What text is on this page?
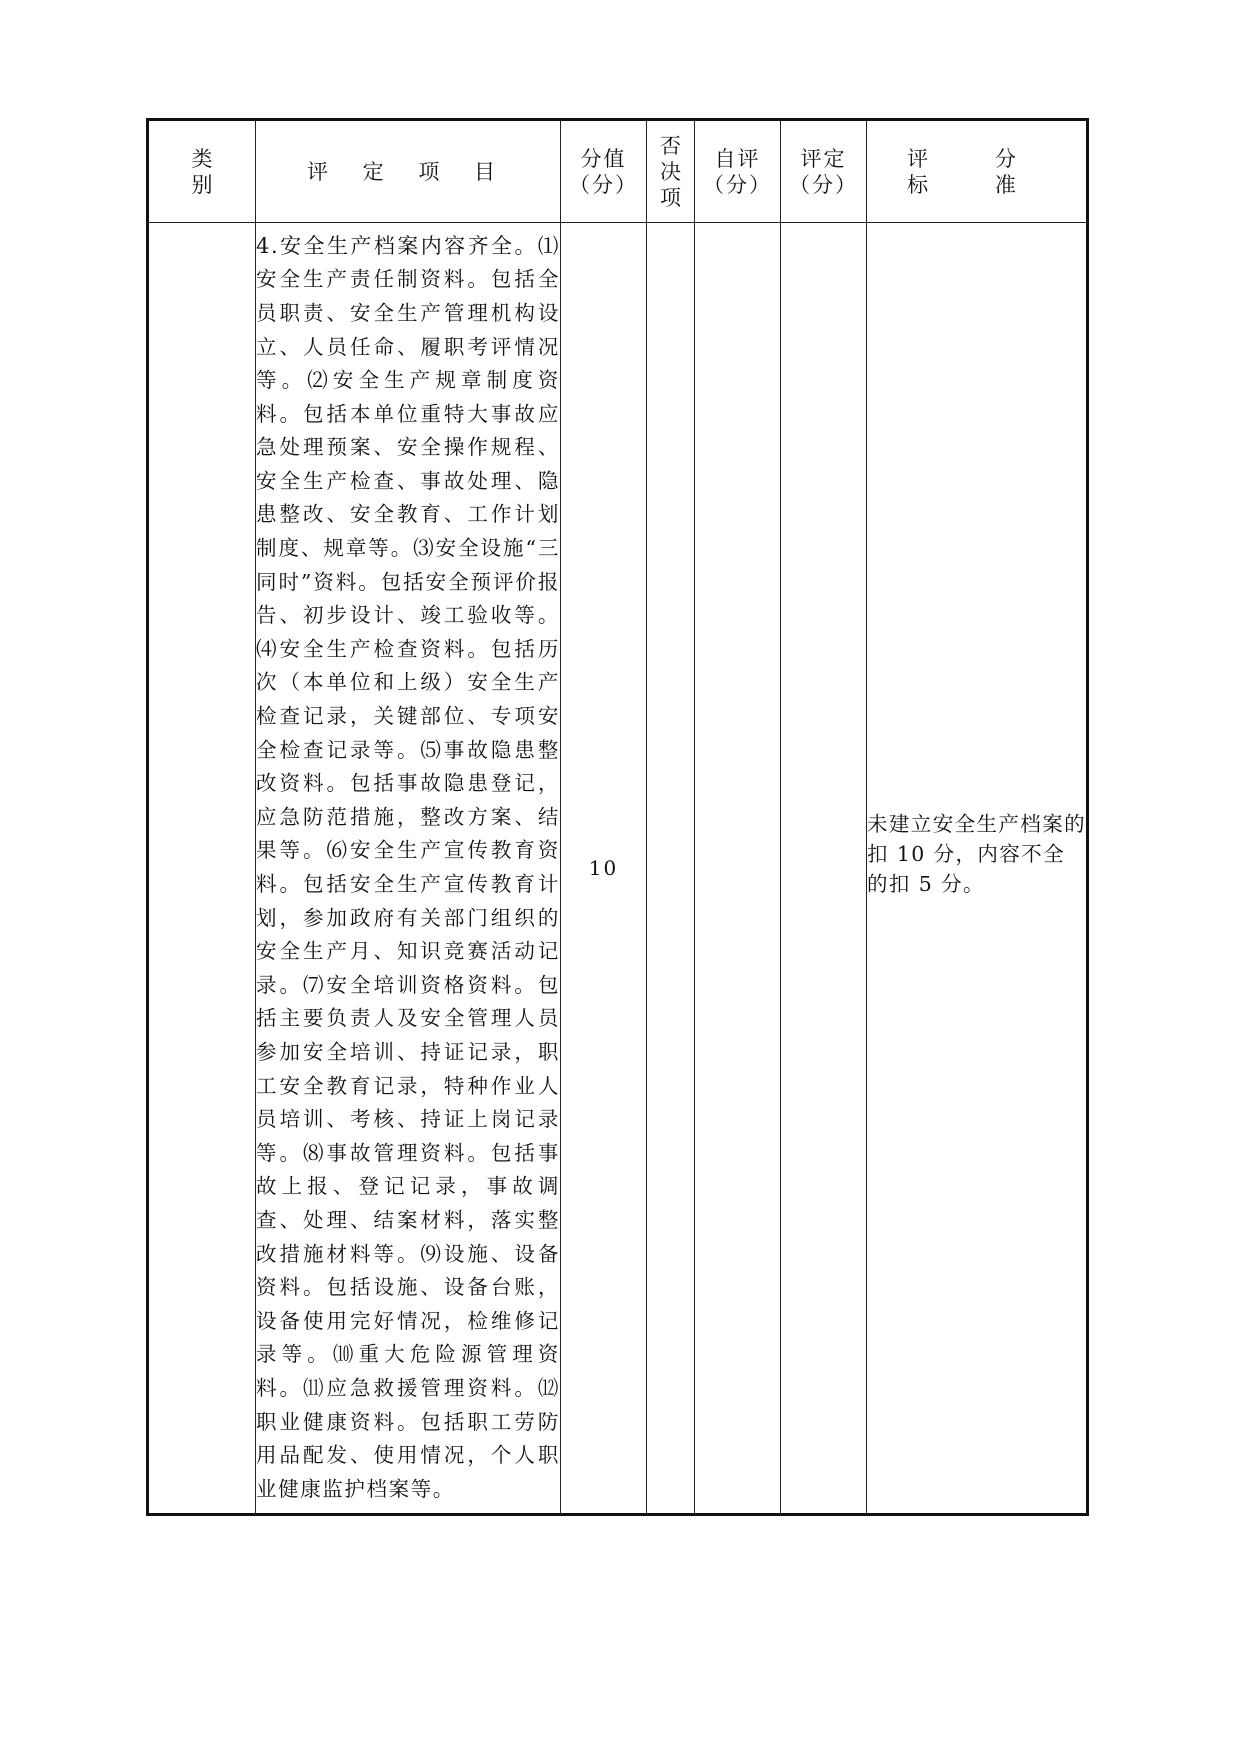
类别	评 定 项 目	分值（分）	否决项	自评（分）	评定（分）	评 分 标 准

	4.安全生产档案内容齐全。⑴安全生产责任制资料。包括全员职责、安全生产管理机构设立、人员任命、履职考评情况等。⑵安全生产规章制度资料。包括本单位重特大事故应急处理预案、安全操作规程、安全生产检查、事故处理、隐患整改、安全教育、工作计划制度、规章等。⑶安全设施“三同时”资料。包括安全预评价报告、初步设计、竣工验收等。⑷安全生产检查资料。包括历次（本单位和上级）安全生产检查记录，关键部位、专项安全检查记录等。⑸事故隐患整改资料。包括事故隐患登记，应急防范措施，整改方案、结果等。⑹安全生产宣传教育资料。包括安全生产宣传教育计划，参加政府有关部门组织的安全生产月、知识竞赛活动记录。⑺安全培训资格资料。包括主要负责人及安全管理人员参加安全培训、持证记录，职工安全教育记录，特种作业人员培训、考核、持证上岗记录等。⑻事故管理资料。包括事故上报、登记记录，事故调查、处理、结案材料，落实整改措施材料等。⑼设施、设备资料。包括设施、设备台账，设备使用完好情况，检维修记录等。⑽重大危险源管理资料。⑾应急救援管理资料。⑿职业健康资料。包括职工劳防用品配发、使用情况，个人职业健康监护档案等。	10				未建立安全生产档案的扣 10 分，内容不全的扣 5 分。
